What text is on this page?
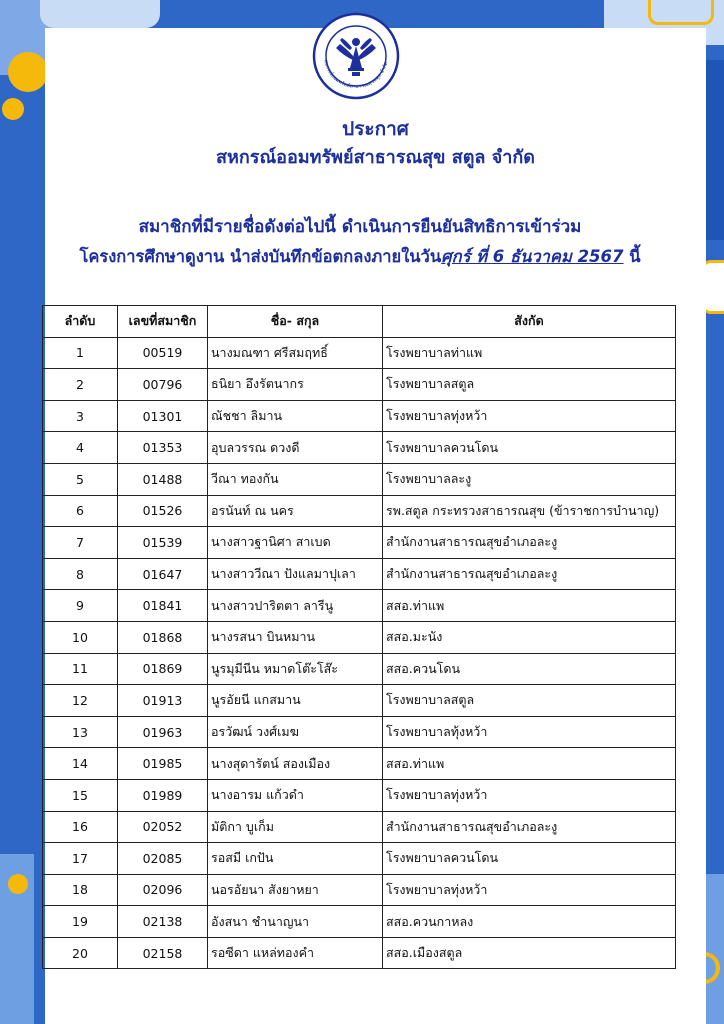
สหกรณ์ออมทรัพย์สาธารณสุขสตูล จำกัด
ประกาศ
สหกรณ์ออมทรัพย์สาธารณสุข สตูล จำกัด
สมาชิกที่มีรายชื่อดังต่อไปนี้ ดำเนินการยืนยันสิทธิการเข้าร่วม
โครงการศึกษาดูงาน นำส่งบันทึกข้อตกลงภายในวันศุกร์ ที่ 6 ธันวาคม 2567 นี้
ลำดับ	เลขที่สมาชิก	ชื่อ- สกุล	สังกัด
1	00519	นางมณฑา ศรีสมฤทธิ์	โรงพยาบาลท่าแพ
2	00796	ธนิยา อึงรัตนากร	โรงพยาบาลสตูล
3	01301	ณัชชา ลิมาน	โรงพยาบาลทุ่งหว้า
4	01353	อุบลวรรณ ดวงดี	โรงพยาบาลควนโดน
5	01488	วีณา ทองกัน	โรงพยาบาลละงู
6	01526	อรนันท์ ณ นคร	รพ.สตูล กระทรวงสาธารณสุข (ข้าราชการบำนาญ)
7	01539	นางสาวฐานิศา สาเบด	สำนักงานสาธารณสุขอำเภอละงู
8	01647	นางสาววีณา ปังแลมาปุเลา	สำนักงานสาธารณสุขอำเภอละงู
9	01841	นางสาวปาริตตา ลารีนู	สสอ.ท่าแพ
10	01868	นางรสนา บินหมาน	สสอ.มะนัง
11	01869	นูรมุมีนีน หมาดโต๊ะโส๊ะ	สสอ.ควนโดน
12	01913	นูรอัยนี แกสมาน	โรงพยาบาลสตูล
13	01963	อรวัฒน์ วงศ์เมฆ	โรงพยาบาลทุ้งหว้า
14	01985	นางสุดารัตน์ สองเมือง	สสอ.ท่าแพ
15	01989	นางอารม แก้วดำ	โรงพยาบาลทุ่งหว้า
16	02052	มัติกา บูเก็ม	สำนักงานสาธารณสุขอำเภอละงู
17	02085	รอสมี เกปัน	โรงพยาบาลควนโดน
18	02096	นอรอัยนา สังยาหยา	โรงพยาบาลทุ่งหว้า
19	02138	อังสนา ชำนาญนา	สสอ.ควนกาหลง
20	02158	รอซีดา แหล่ทองคำ	สสอ.เมืองสตูล
